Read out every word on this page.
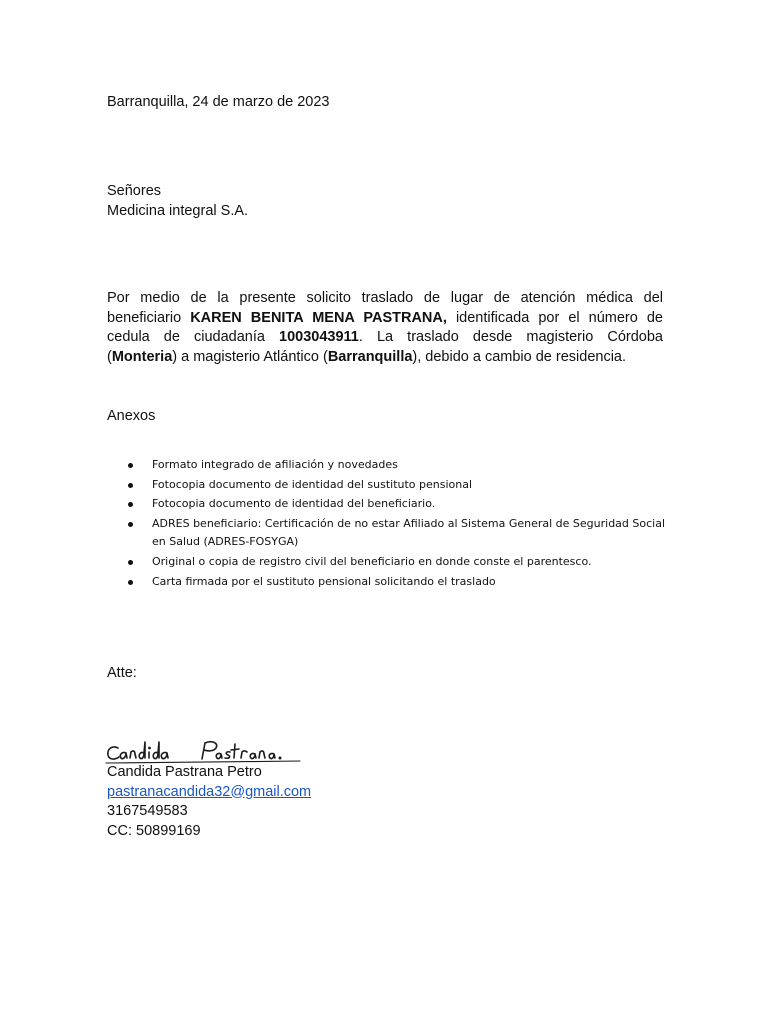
Barranquilla, 24 de marzo de 2023
Señores
Medicina integral S.A.
Por medio de la presente solicito traslado de lugar de atención médica del
beneficiario KAREN BENITA MENA PASTRANA, identificada por el número de
cedula de ciudadanía 1003043911. La traslado desde magisterio Córdoba
(Monteria) a magisterio Atlántico (Barranquilla), debido a cambio de residencia.
Anexos
Formato integrado de afiliación y novedades
Fotocopia documento de identidad del sustituto pensional
Fotocopia documento de identidad del beneficiario.
ADRES beneficiario: Certificación de no estar Afiliado al Sistema General de Seguridad Social
en Salud (ADRES-FOSYGA)
Original o copia de registro civil del beneficiario en donde conste el parentesco.
Carta firmada por el sustituto pensional solicitando el traslado
Atte:
Candida Pastrana Petro
pastranacandida32@gmail.com
3167549583
CC: 50899169
